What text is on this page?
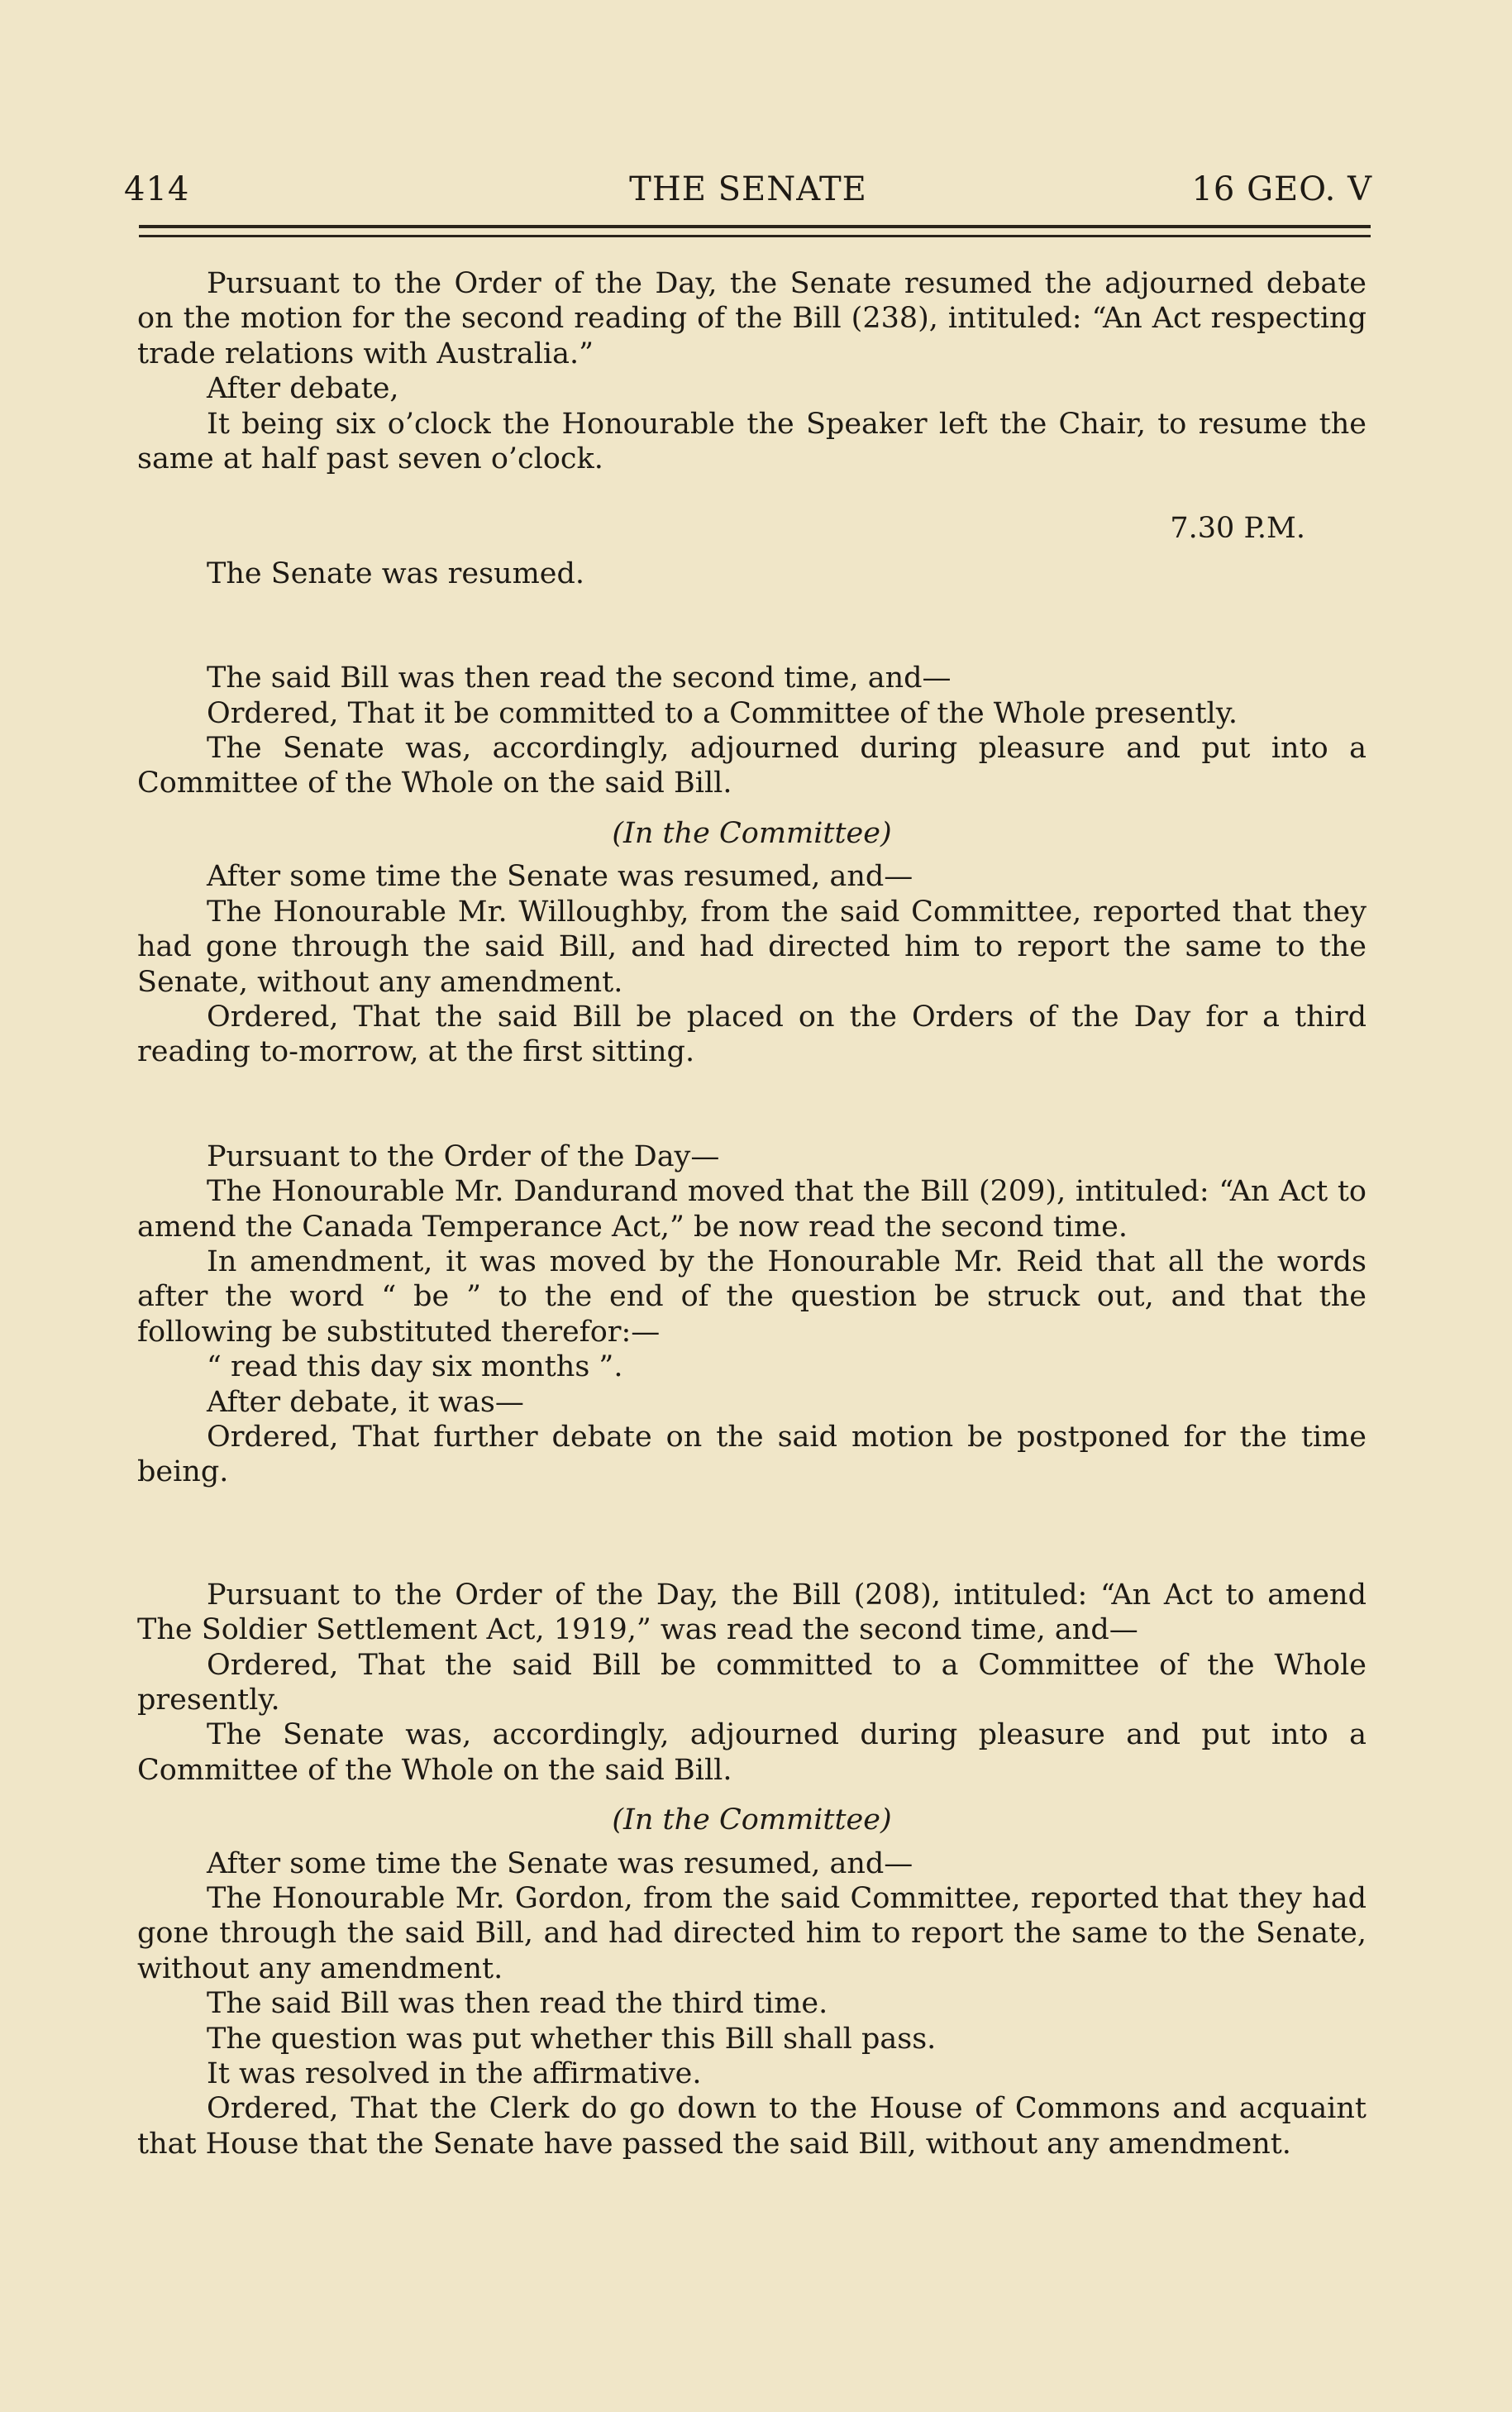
414	THE SENATE	16 GEO. V

Pursuant to the Order of the Day, the Senate resumed the adjourned debate on the motion for the second reading of the Bill (238), intituled: “An Act respecting trade relations with Australia.”

After debate,

It being six o’clock the Honourable the Speaker left the Chair, to resume the same at half past seven o’clock.

7.30 P.M.

The Senate was resumed.

The said Bill was then read the second time, and—

Ordered, That it be committed to a Committee of the Whole presently.

The Senate was, accordingly, adjourned during pleasure and put into a Committee of the Whole on the said Bill.

(In the Committee)

After some time the Senate was resumed, and—

The Honourable Mr. Willoughby, from the said Committee, reported that they had gone through the said Bill, and had directed him to report the same to the Senate, without any amendment.

Ordered, That the said Bill be placed on the Orders of the Day for a third reading to-morrow, at the first sitting.

Pursuant to the Order of the Day—

The Honourable Mr. Dandurand moved that the Bill (209), intituled: “An Act to amend the Canada Temperance Act,” be now read the second time.

In amendment, it was moved by the Honourable Mr. Reid that all the words after the word “ be ” to the end of the question be struck out, and that the following be substituted therefor:—

“ read this day six months ”.

After debate, it was—

Ordered, That further debate on the said motion be postponed for the time being.

Pursuant to the Order of the Day, the Bill (208), intituled: “An Act to amend The Soldier Settlement Act, 1919,” was read the second time, and—

Ordered, That the said Bill be committed to a Committee of the Whole presently.

The Senate was, accordingly, adjourned during pleasure and put into a Committee of the Whole on the said Bill.

(In the Committee)

After some time the Senate was resumed, and—

The Honourable Mr. Gordon, from the said Committee, reported that they had gone through the said Bill, and had directed him to report the same to the Senate, without any amendment.

The said Bill was then read the third time.

The question was put whether this Bill shall pass.

It was resolved in the affirmative.

Ordered, That the Clerk do go down to the House of Commons and acquaint that House that the Senate have passed the said Bill, without any amendment.
